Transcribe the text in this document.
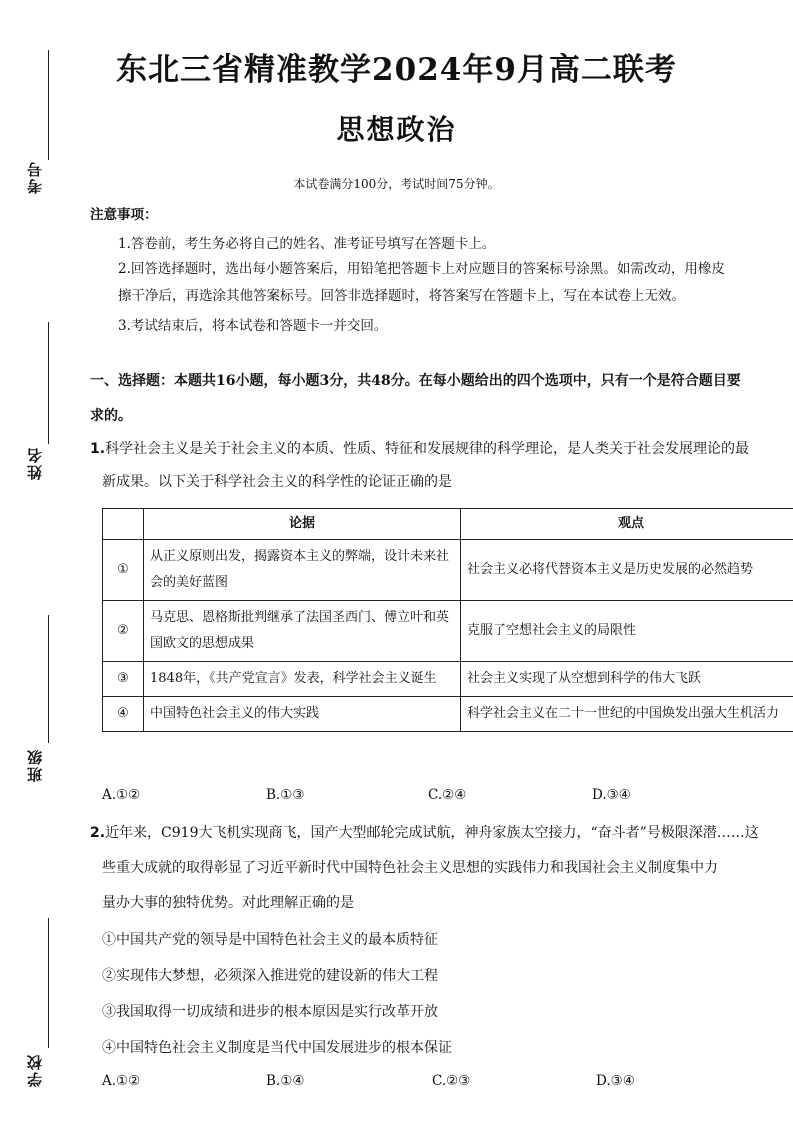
考号
姓名
班级
学校
东北三省精准教学2024年9月高二联考
思想政治
本试卷满分100分，考试时间75分钟。
注意事项：
1.答卷前，考生务必将自己的姓名、准考证号填写在答题卡上。
2.回答选择题时，选出每小题答案后，用铅笔把答题卡上对应题目的答案标号涂黑。如需改动，用橡皮
擦干净后，再选涂其他答案标号。回答非选择题时，将答案写在答题卡上，写在本试卷上无效。
3.考试结束后，将本试卷和答题卡一并交回。
一、选择题：本题共16小题，每小题3分，共48分。在每小题给出的四个选项中，只有一个是符合题目要
求的。
1.科学社会主义是关于社会主义的本质、性质、特征和发展规律的科学理论，是人类关于社会发展理论的最
新成果。以下关于科学社会主义的科学性的论证正确的是
	论据	观点
①	从正义原则出发，揭露资本主义的弊端，设计未来社会的美好蓝图	社会主义必将代替资本主义是历史发展的必然趋势
②	马克思、恩格斯批判继承了法国圣西门、傅立叶和英国欧文的思想成果	克服了空想社会主义的局限性
③	1848年，《共产党宣言》发表，科学社会主义诞生	社会主义实现了从空想到科学的伟大飞跃
④	中国特色社会主义的伟大实践	科学社会主义在二十一世纪的中国焕发出强大生机活力
A.①②	B.①③	C.②④	D.③④
2.近年来，C919大飞机实现商飞，国产大型邮轮完成试航，神舟家族太空接力，“奋斗者”号极限深潜……这
些重大成就的取得彰显了习近平新时代中国特色社会主义思想的实践伟力和我国社会主义制度集中力
量办大事的独特优势。对此理解正确的是
①中国共产党的领导是中国特色社会主义的最本质特征
②实现伟大梦想，必须深入推进党的建设新的伟大工程
③我国取得一切成绩和进步的根本原因是实行改革开放
④中国特色社会主义制度是当代中国发展进步的根本保证
A.①②	B.①④	C.②③	D.③④
